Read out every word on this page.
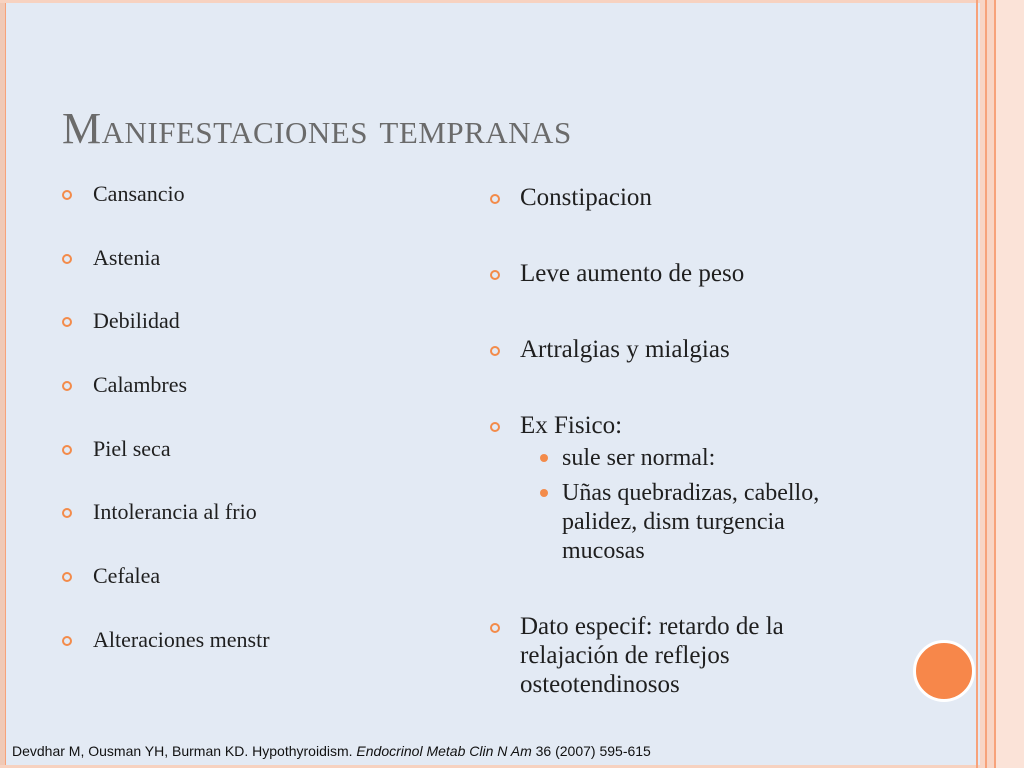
Manifestaciones tempranas
Cansancio
Astenia
Debilidad
Calambres
Piel seca
Intolerancia al frio
Cefalea
Alteraciones menstr
Constipacion
Leve aumento de peso
Artralgias y mialgias
Ex Fisico:
sule ser normal:
Uñas quebradizas, cabello, palidez, dism turgencia mucosas
Dato especif: retardo de la relajación de reflejos osteotendinosos
Devdhar M, Ousman YH, Burman KD. Hypothyroidism. Endocrinol Metab Clin N Am 36 (2007) 595-615
